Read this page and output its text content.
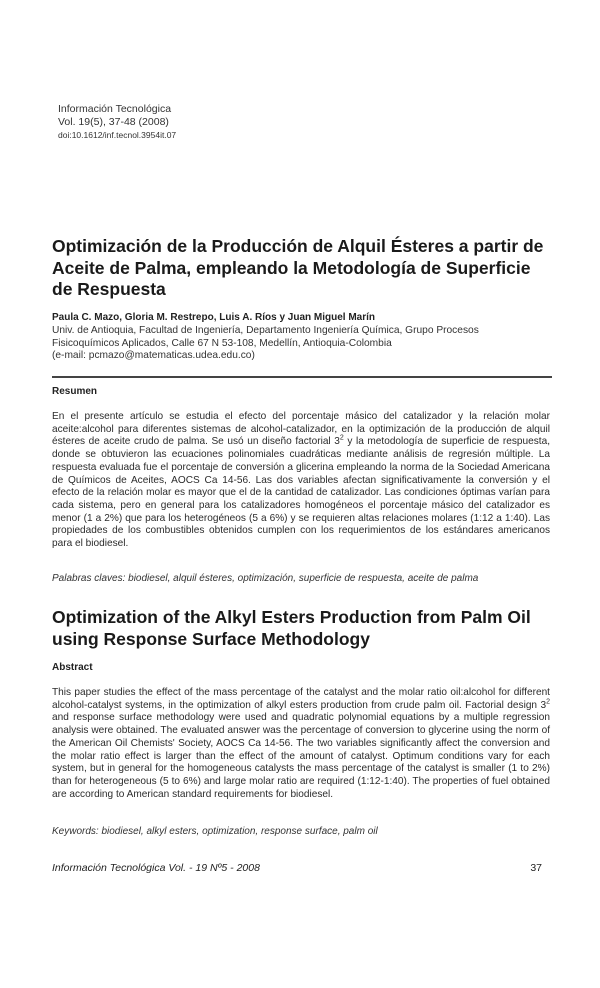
Información Tecnológica
Vol. 19(5), 37-48 (2008)
doi:10.1612/inf.tecnol.3954it.07
Optimización de la Producción de Alquil Ésteres a partir de Aceite de Palma, empleando la Metodología de Superficie de Respuesta
Paula C. Mazo, Gloria M. Restrepo, Luis A. Ríos y Juan Miguel Marín
Univ. de Antioquia, Facultad de Ingeniería, Departamento Ingeniería Química, Grupo Procesos
Fisicoquímicos Aplicados, Calle 67 N 53-108, Medellín, Antioquia-Colombia
(e-mail: pcmazo@matematicas.udea.edu.co)
Resumen
En el presente artículo se estudia el efecto del porcentaje másico del catalizador y la relación molar aceite:alcohol para diferentes sistemas de alcohol-catalizador, en la optimización de la producción de alquil ésteres de aceite crudo de palma. Se usó un diseño factorial $3^2$ y la metodología de superficie de respuesta, donde se obtuvieron las ecuaciones polinomiales cuadráticas mediante análisis de regresión múltiple. La respuesta evaluada fue el porcentaje de conversión a glicerina empleando la norma de la Sociedad Americana de Químicos de Aceites, AOCS Ca 14-56. Las dos variables afectan significativamente la conversión y el efecto de la relación molar es mayor que el de la cantidad de catalizador. Las condiciones óptimas varían para cada sistema, pero en general para los catalizadores homogéneos el porcentaje másico del catalizador es menor (1 a 2%) que para los heterogéneos (5 a 6%) y se requieren altas relaciones molares (1:12 a 1:40). Las propiedades de los combustibles obtenidos cumplen con los requerimientos de los estándares americanos para el biodiesel.
Palabras claves: biodiesel, alquil ésteres, optimización, superficie de respuesta, aceite de palma
Optimization of the Alkyl Esters Production from Palm Oil using Response Surface Methodology
Abstract
This paper studies the effect of the mass percentage of the catalyst and the molar ratio oil:alcohol for different alcohol-catalyst systems, in the optimization of alkyl esters production from crude palm oil. Factorial design $3^2$ and response surface methodology were used and quadratic polynomial equations by a multiple regression analysis were obtained. The evaluated answer was the percentage of conversion to glycerine using the norm of the American Oil Chemists' Society, AOCS Ca 14-56. The two variables significantly affect the conversion and the molar ratio effect is larger than the effect of the amount of catalyst. Optimum conditions vary for each system, but in general for the homogeneous catalysts the mass percentage of the catalyst is smaller (1 to 2%) than for heterogeneous (5 to 6%) and large molar ratio are required (1:12-1:40). The properties of fuel obtained are according to American standard requirements for biodiesel.
Keywords: biodiesel, alkyl esters, optimization, response surface, palm oil
Información Tecnológica Vol. - 19 Nº5 - 2008	37
